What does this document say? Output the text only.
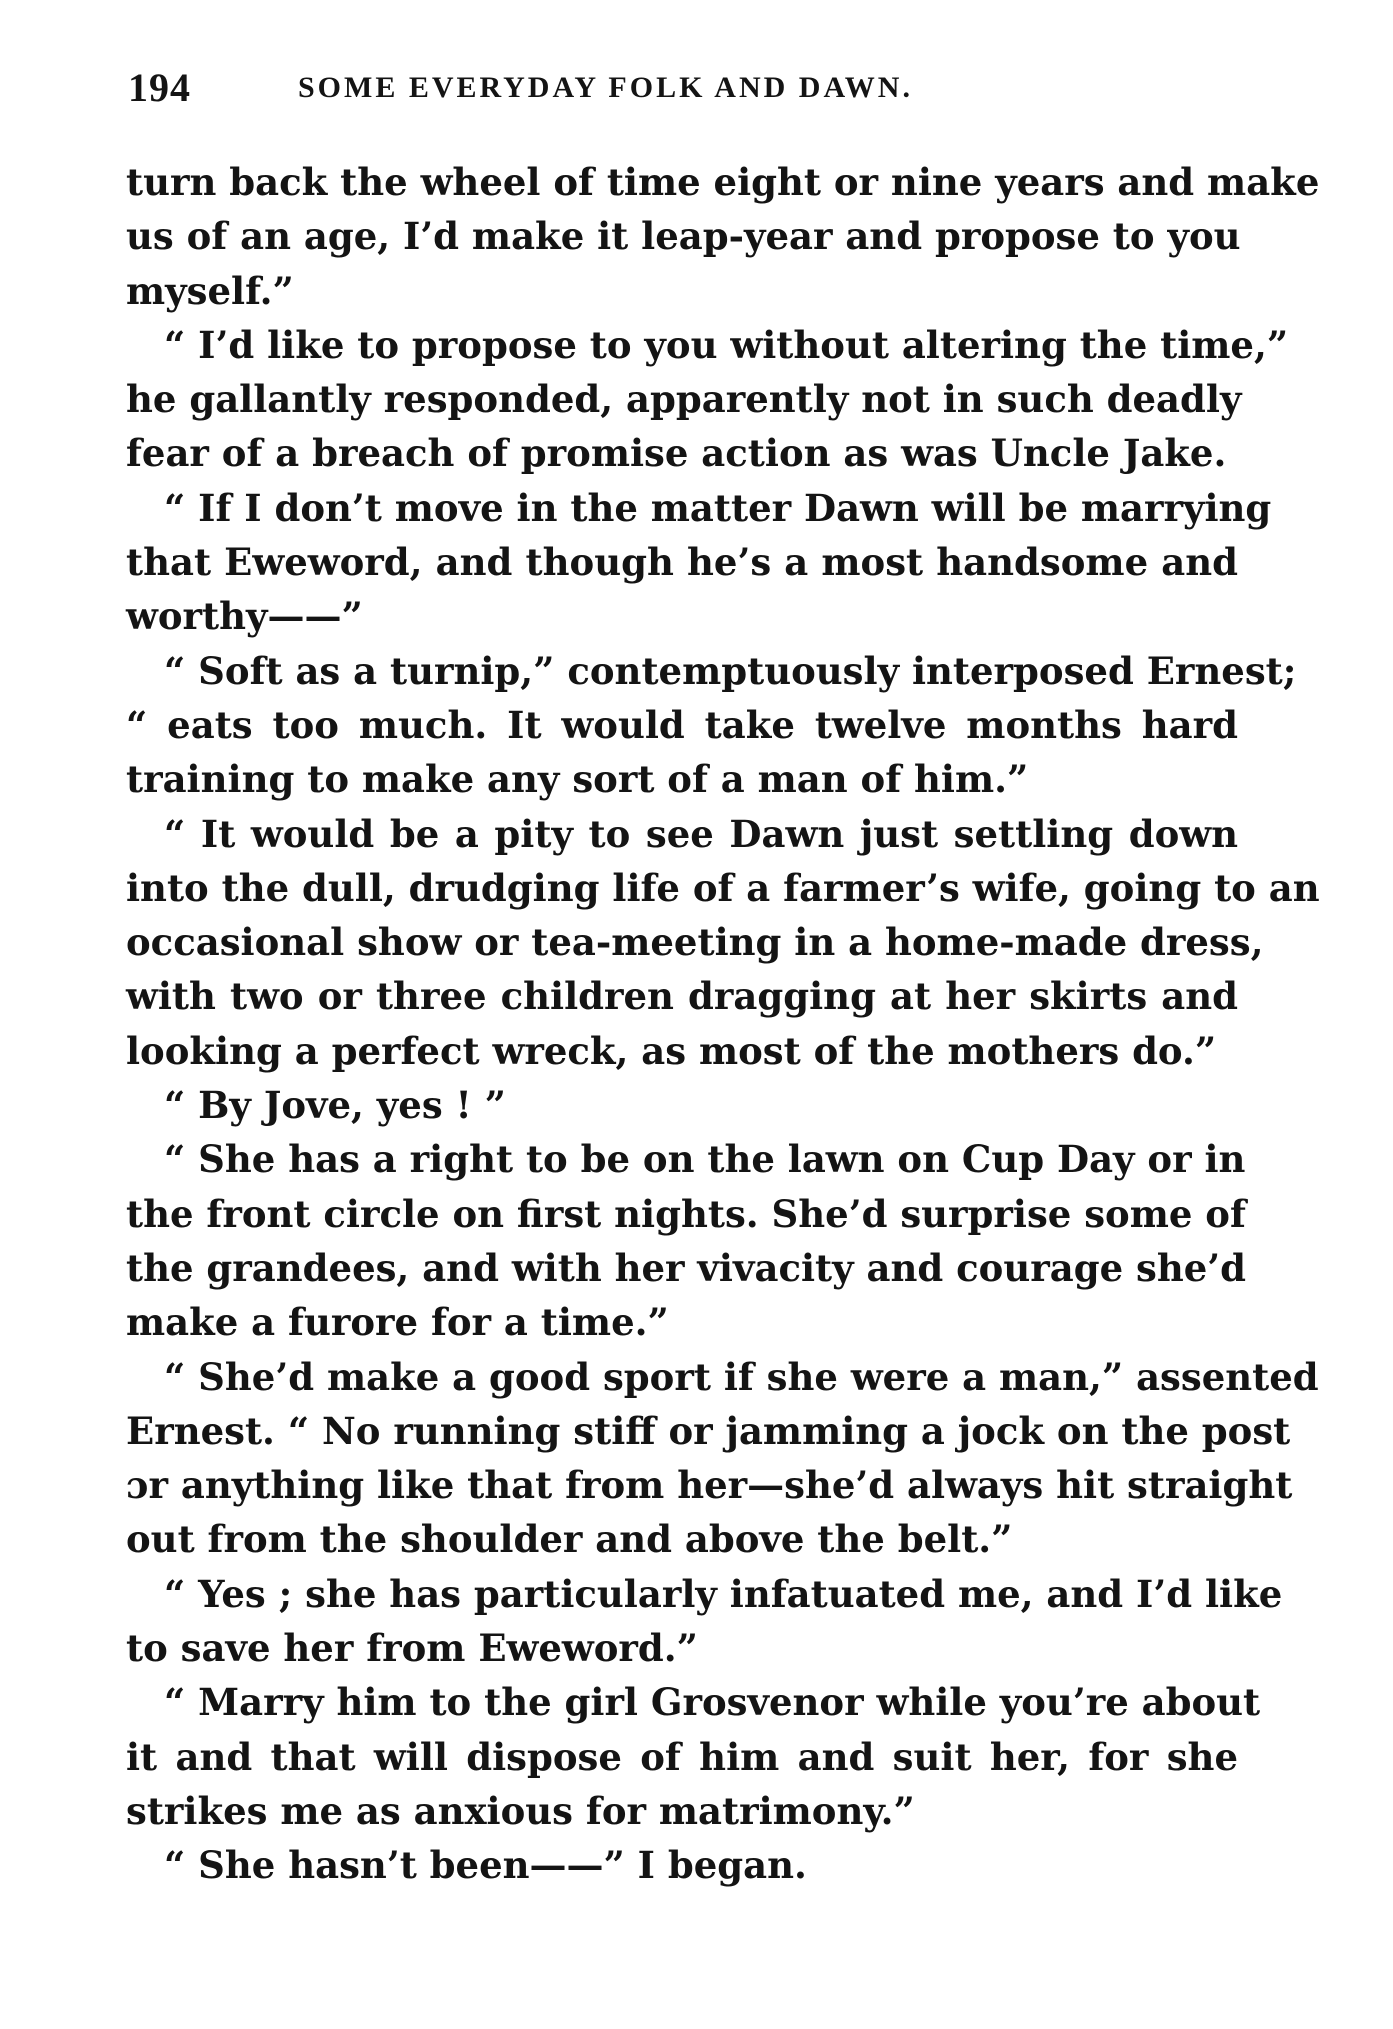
194	SOME EVERYDAY FOLK AND DAWN.
turn back the wheel of time eight or nine years and make
us of an age, I’d make it leap-year and propose to you
myself.”
“ I’d like to propose to you without altering the time,”
he gallantly responded, apparently not in such deadly
fear of a breach of promise action as was Uncle Jake.
“ If I don’t move in the matter Dawn will be marrying
that Eweword, and though he’s a most handsome and
worthy——”
“ Soft as a turnip,” contemptuously interposed Ernest;
“ eats too much. It would take twelve months hard
training to make any sort of a man of him.”
“ It would be a pity to see Dawn just settling down
into the dull, drudging life of a farmer’s wife, going to an
occasional show or tea-meeting in a home-made dress,
with two or three children dragging at her skirts and
looking a perfect wreck, as most of the mothers do.”
“ By Jove, yes ! ”
“ She has a right to be on the lawn on Cup Day or in
the front circle on first nights. She’d surprise some of
the grandees, and with her vivacity and courage she’d
make a furore for a time.”
“ She’d make a good sport if she were a man,” assented
Ernest. “ No running stiff or jamming a jock on the post
ɔr anything like that from her—she’d always hit straight
out from the shoulder and above the belt.”
“ Yes ; she has particularly infatuated me, and I’d like
to save her from Eweword.”
“ Marry him to the girl Grosvenor while you’re about
it and that will dispose of him and suit her, for she
strikes me as anxious for matrimony.”
“ She hasn’t been——” I began.
